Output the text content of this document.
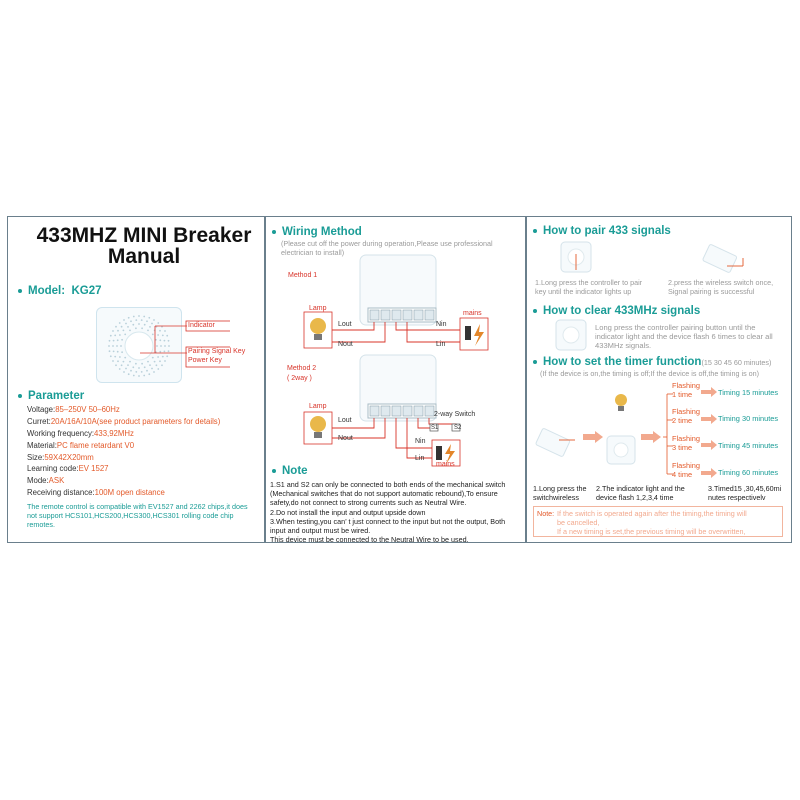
433MHZ MINI Breaker
Manual
Model: KG27
Indicator
Pairing Signal Key
Power Key
Parameter
Voltage:85–250V 50–60Hz
Curret:20A/16A/10A(see product parameters for details)
Working frequency:433,92MHz
Material:PC flame retardant V0
Size:59X42X20mm
Learning code:EV 1527
Mode:ASK
Receiving distance:100M open distance
The remote control is compatible with EV1527 and 2262 chips,it does
not support HCS101,HCS200,HCS300,HCS301 rolling code chip
remotes.
Wiring Method
(Please cut off the power during operation,Please use professional
electrician to install)
Method 1
Lamp
Lout
Nout
Nin
Lin
mains
Method 2
( 2way )
Lamp
Lout
Nout
2-way Switch
S1	S2
Nin
Lin
mains
Note
1.S1 and S2 can only be connected to both ends of the mechanical switch
(Mechanical switches that do not support automatic rebound),To ensure
safety,do not connect to strong currents such as Neutral Wire.
2.Do not install the input and output upside down
3.When testing,you can’ t just connect to the input but not the output, Both
input and output must be wired.
This device must be connected to the Neutral Wire to be used.
How to pair 433 signals
1.Long press the controller to pair
key until the indicator lights up
2.press the wireless switch once,
Signal pairing is successful
How to clear 433MHz signals
Long press the controller pairing button until the
indicator light and the device flash 6 times to clear all
433MHz signals.
How to set the timer function(15 30 45 60 minutes)
(If the device is on,the timing is off;If the device is off,the timing is on)
Flashing
1 time	Timing 15 minutes
Flashing
2 time	Timing 30 minutes
Flashing
3 time	Timing 45 minutes
Flashing
4 time	Timing 60 minutes
1.Long press the
switchwireless
2.The indicator light and the
device flash 1,2,3,4 time
3.Timed15 ,30,45,60mi
nutes respectivelv
Note: If the switch is operated again after the timing,the timing will
be cancelled,
If a new timing is set,the previous timing will be overwritten,
